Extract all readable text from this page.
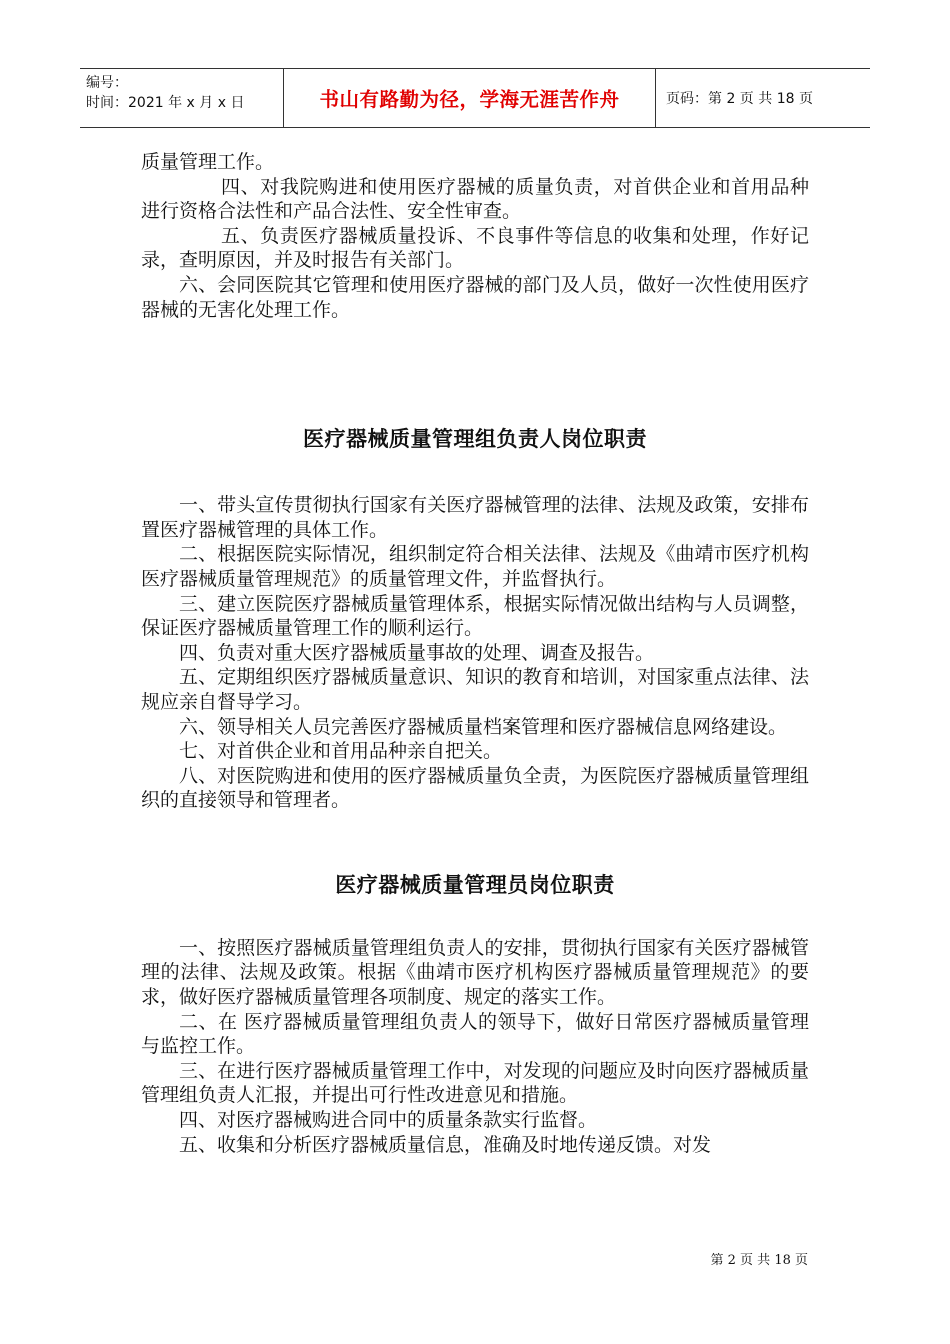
编号：
时间：2021 年 x 月 x 日	书山有路勤为径，学海无涯苦作舟	页码：第 2 页 共 18 页

质量管理工作。

四、对我院购进和使用医疗器械的质量负责，对首供企业和首用品种进行资格合法性和产品合法性、安全性审查。

五、负责医疗器械质量投诉、不良事件等信息的收集和处理，作好记录，查明原因，并及时报告有关部门。

六、会同医院其它管理和使用医疗器械的部门及人员，做好一次性使用医疗器械的无害化处理工作。

医疗器械质量管理组负责人岗位职责

一、带头宣传贯彻执行国家有关医疗器械管理的法律、法规及政策，安排布置医疗器械管理的具体工作。

二、根据医院实际情况，组织制定符合相关法律、法规及《曲靖市医疗机构医疗器械质量管理规范》的质量管理文件，并监督执行。

三、建立医院医疗器械质量管理体系，根据实际情况做出结构与人员调整，保证医疗器械质量管理工作的顺利运行。

四、负责对重大医疗器械质量事故的处理、调查及报告。

五、定期组织医疗器械质量意识、知识的教育和培训，对国家重点法律、法规应亲自督导学习。

六、领导相关人员完善医疗器械质量档案管理和医疗器械信息网络建设。

七、对首供企业和首用品种亲自把关。

八、对医院购进和使用的医疗器械质量负全责，为医院医疗器械质量管理组织的直接领导和管理者。

医疗器械质量管理员岗位职责

一、按照医疗器械质量管理组负责人的安排，贯彻执行国家有关医疗器械管理的法律、法规及政策。根据《曲靖市医疗机构医疗器械质量管理规范》的要求，做好医疗器械质量管理各项制度、规定的落实工作。

二、在 医疗器械质量管理组负责人的领导下，做好日常医疗器械质量管理与监控工作。

三、在进行医疗器械质量管理工作中，对发现的问题应及时向医疗器械质量管理组负责人汇报，并提出可行性改进意见和措施。

四、对医疗器械购进合同中的质量条款实行监督。

五、收集和分析医疗器械质量信息，准确及时地传递反馈。对发

第 2 页 共 18 页
